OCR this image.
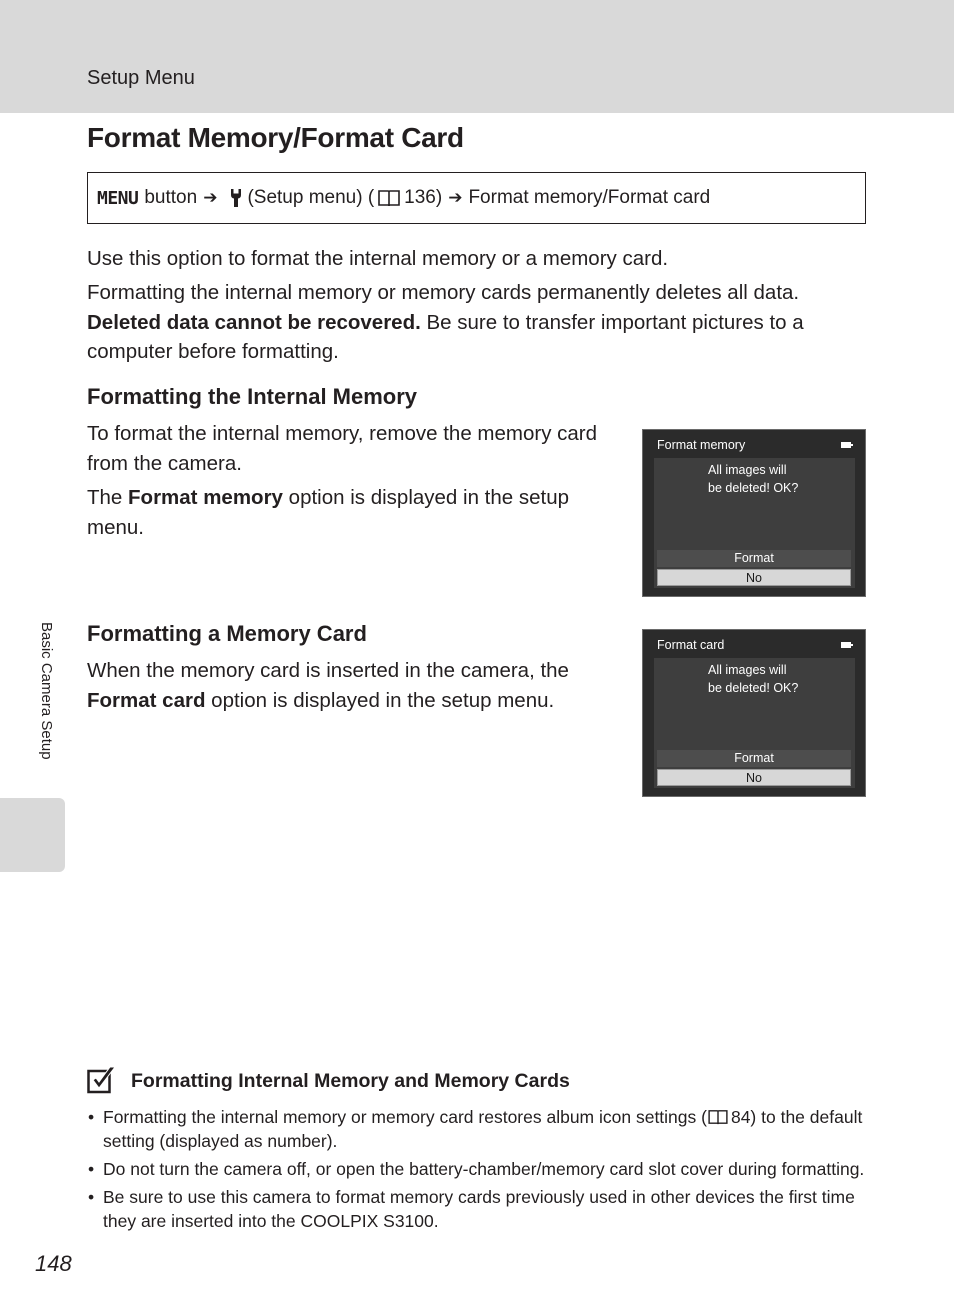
Setup Menu
Format Memory/Format Card
MENU button ➔ (Setup menu) ( 136) ➔ Format memory/Format card

Use this option to format the internal memory or a memory card.

Formatting the internal memory or memory cards permanently deletes all data.
Deleted data cannot be recovered. Be sure to transfer important pictures to a computer before formatting.

Formatting the Internal Memory

To format the internal memory, remove the memory card from the camera.

The Format memory option is displayed in the setup menu.

Format memory
All images will
be deleted! OK?
Format
No
Formatting a Memory Card

When the memory card is inserted in the camera, the Format card option is displayed in the setup menu.

Format card
All images will
be deleted! OK?
Format
No
Basic Camera Setup
Formatting Internal Memory and Memory Cards
• Formatting the internal memory or memory card restores album icon settings ( 84) to the default setting (displayed as number).
• Do not turn the camera off, or open the battery-chamber/memory card slot cover during formatting.
• Be sure to use this camera to format memory cards previously used in other devices the first time they are inserted into the COOLPIX S3100.
148
